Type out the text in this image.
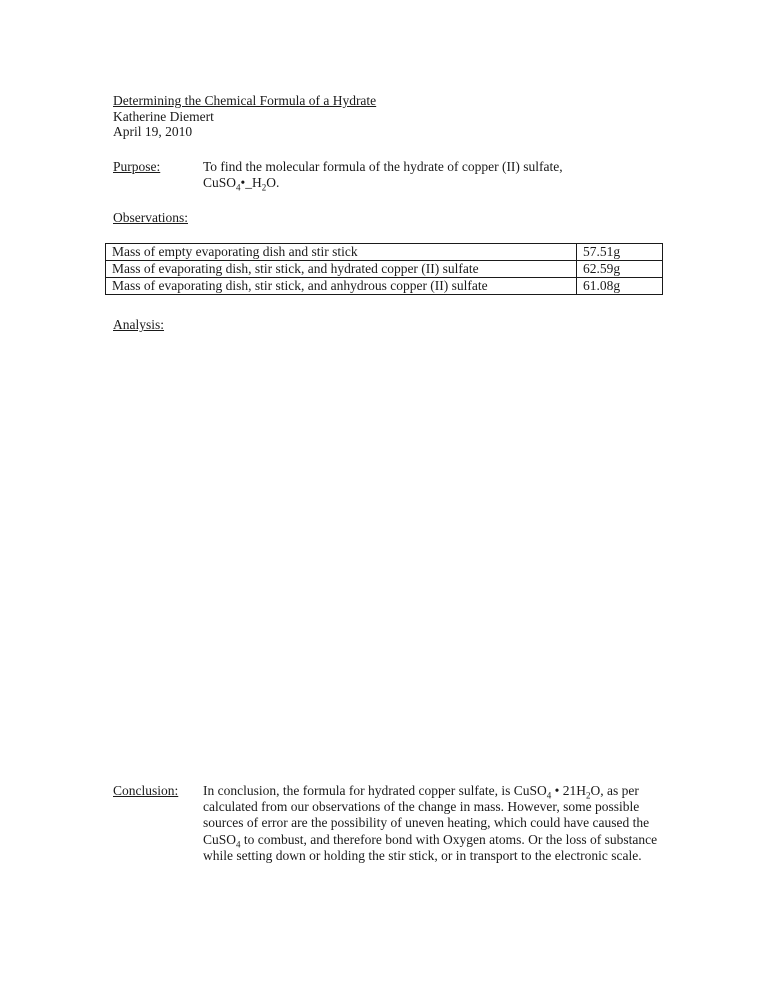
Determining the Chemical Formula of a Hydrate
Katherine Diemert
April 19, 2010
Purpose:	To find the molecular formula of the hydrate of copper (II) sulfate,
$CuSO_4•\_H_2O$.
Observations:
Mass of empty evaporating dish and stir stick	57.51g
Mass of evaporating dish, stir stick, and hydrated copper (II) sulfate	62.59g
Mass of evaporating dish, stir stick, and anhydrous copper (II) sulfate	61.08g
Analysis:
Conclusion: In conclusion, the formula for hydrated copper sulfate, is CuSO$_4$ • $21H_2O$, as per calculated from our observations of the change in mass. However, some possible sources of error are the possibility of uneven heating, which could have caused the CuSO$_4$ to combust, and therefore bond with Oxygen atoms. Or the loss of substance while setting down or holding the stir stick, or in transport to the electronic scale.
